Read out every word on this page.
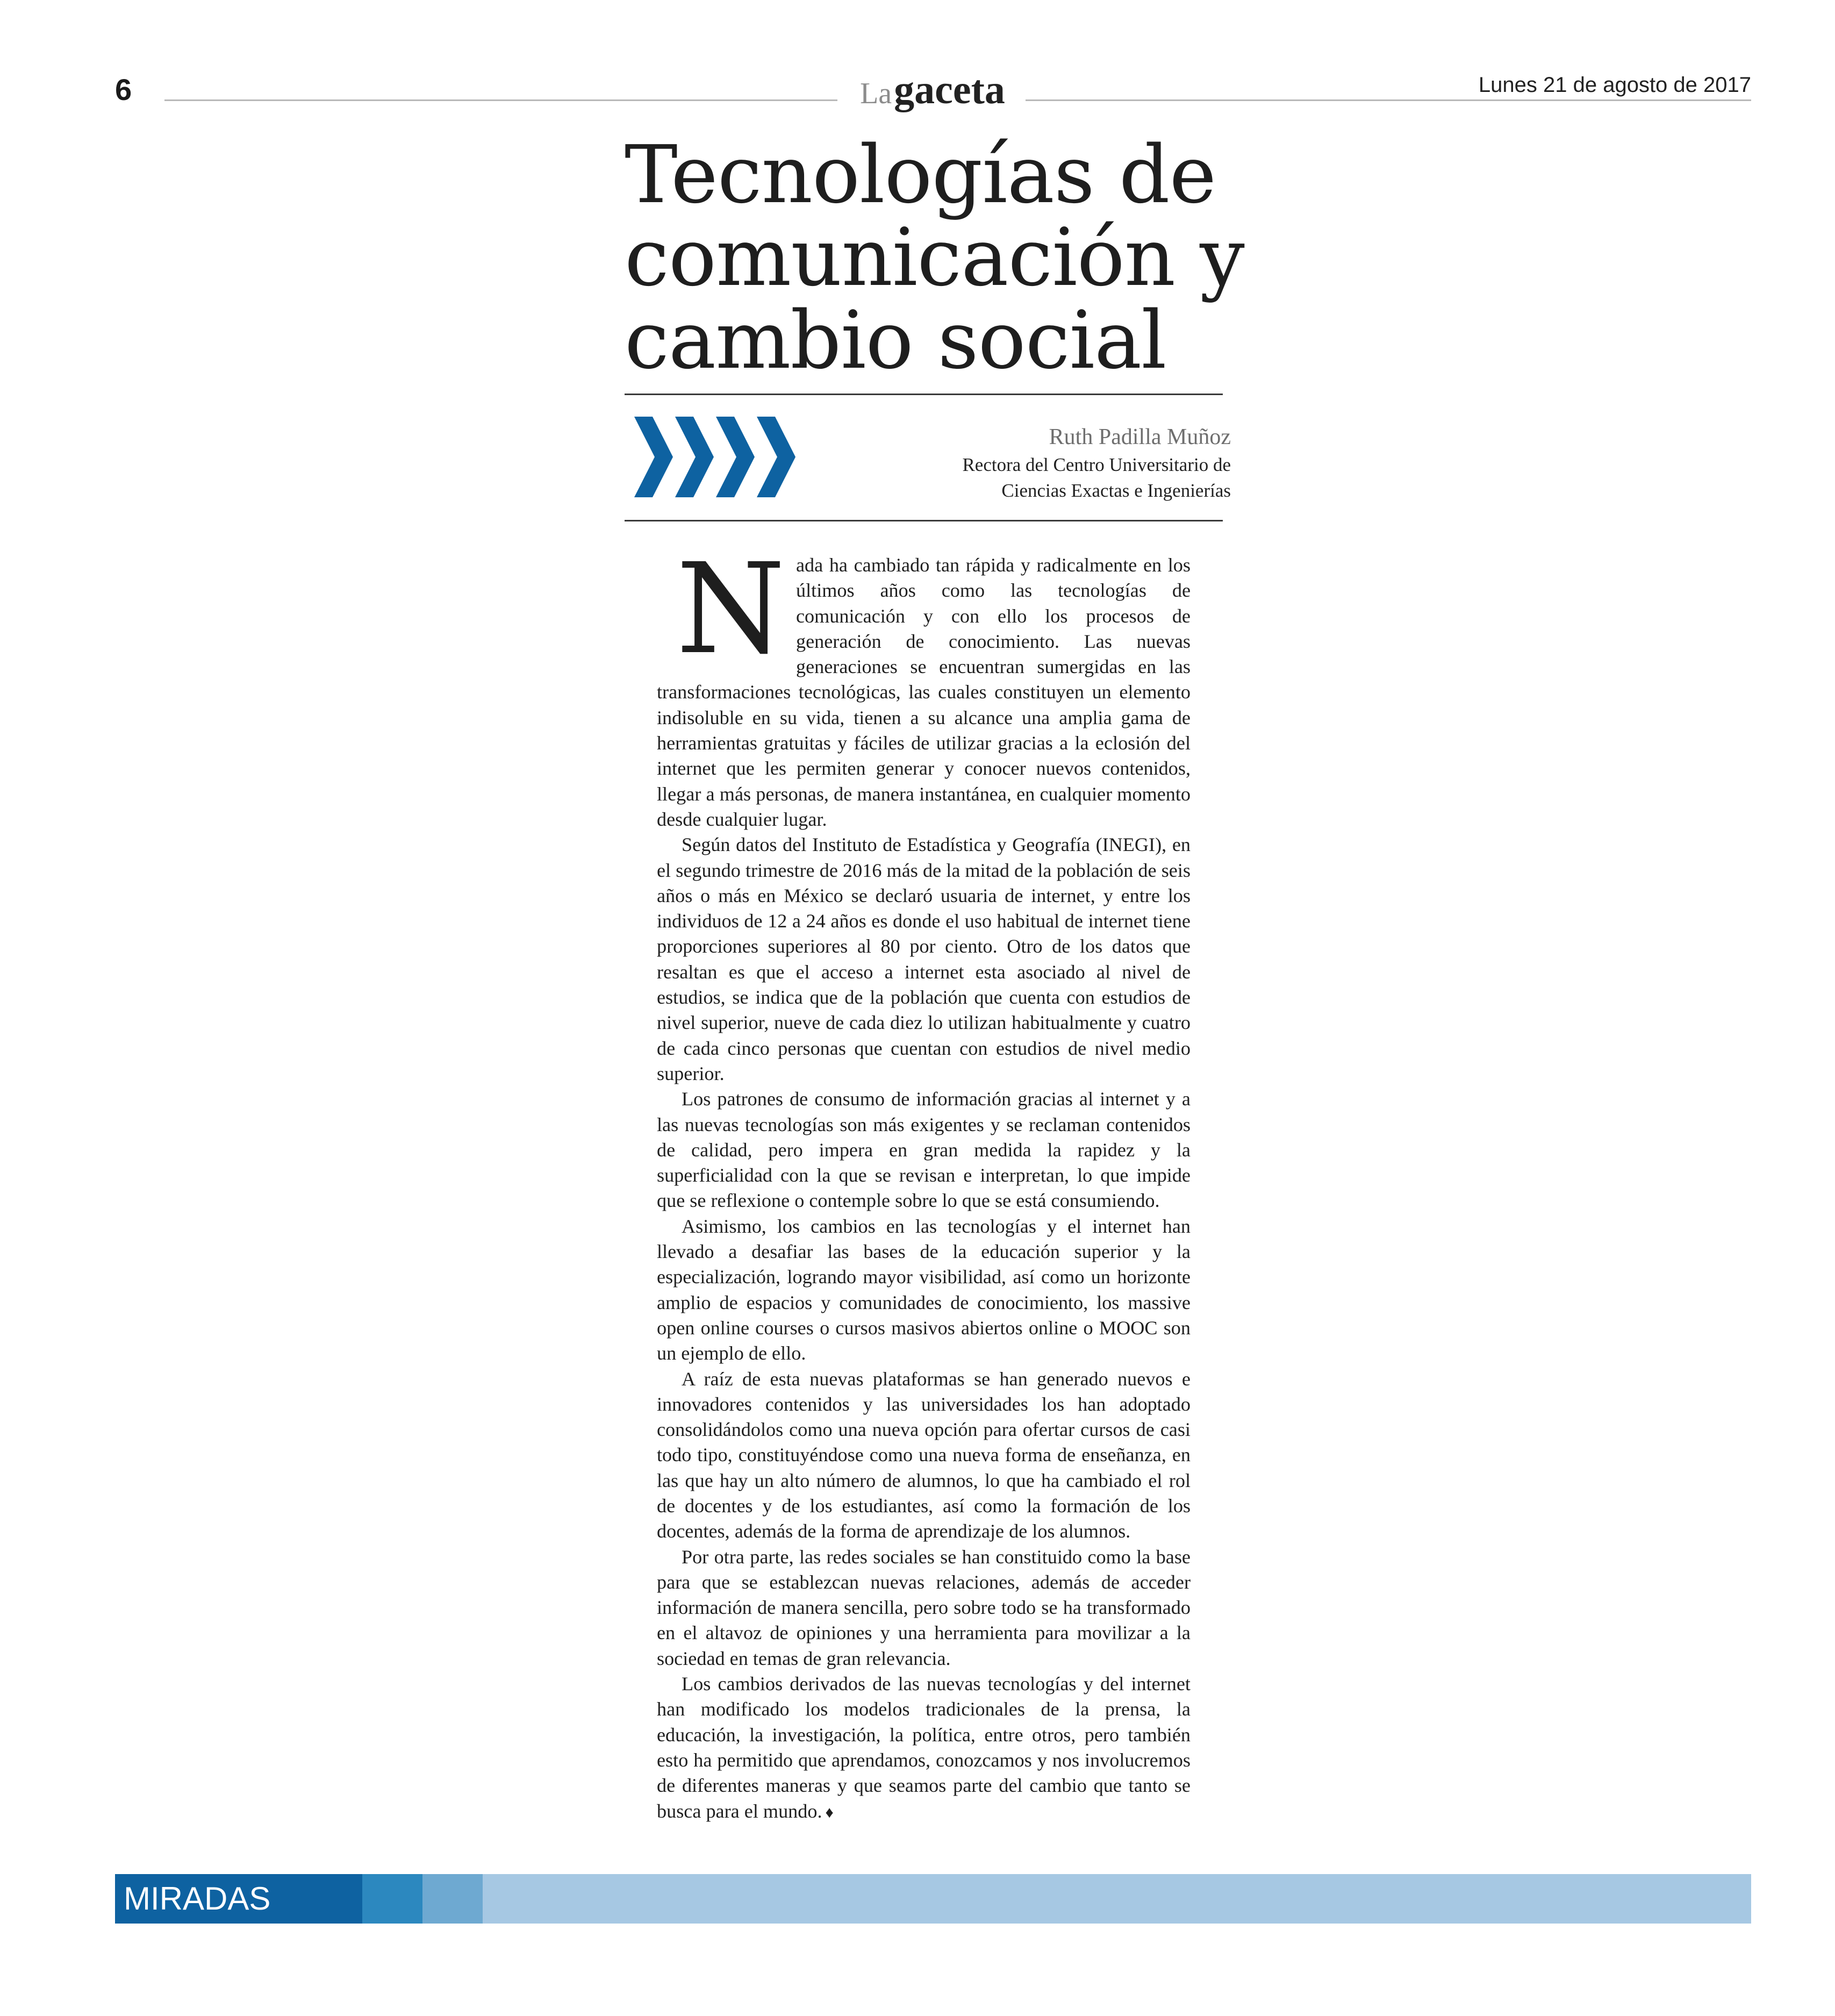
6	La gaceta	Lunes 21 de agosto de 2017
Tecnologías de
comunicación y
cambio social
Ruth Padilla Muñoz
Rectora del Centro Universitario de
Ciencias Exactas e Ingenierías

Nada ha cambiado tan rápida y radicalmente en los últimos años como las tecnologías de comunicación y con ello los procesos de generación de conocimiento. Las nuevas generaciones se encuentran sumergidas en las transformaciones tecnológicas, las cuales constituyen un elemento indisoluble en su vida, tienen a su alcance una amplia gama de herramientas gratuitas y fáciles de utilizar gracias a la eclosión del internet que les permiten generar y conocer nuevos contenidos, llegar a más personas, de manera instantánea, en cualquier momento desde cualquier lugar.

Según datos del Instituto de Estadística y Geografía (INEGI), en el segundo trimestre de 2016 más de la mitad de la población de seis años o más en México se declaró usuaria de internet, y entre los individuos de 12 a 24 años es donde el uso habitual de internet tiene proporciones superiores al 80 por ciento. Otro de los datos que resaltan es que el acceso a internet esta asociado al nivel de estudios, se indica que de la población que cuenta con estudios de nivel superior, nueve de cada diez lo utilizan habitualmente y cuatro de cada cinco personas que cuentan con estudios de nivel medio superior.

Los patrones de consumo de información gracias al internet y a las nuevas tecnologías son más exigentes y se reclaman contenidos de calidad, pero impera en gran medida la rapidez y la superficialidad con la que se revisan e interpretan, lo que impide que se reflexione o contemple sobre lo que se está consumiendo.

Asimismo, los cambios en las tecnologías y el internet han llevado a desafiar las bases de la educación superior y la especialización, logrando mayor visibilidad, así como un horizonte amplio de espacios y comunidades de conocimiento, los massive open online courses o cursos masivos abiertos online o MOOC son un ejemplo de ello.

A raíz de esta nuevas plataformas se han generado nuevos e innovadores contenidos y las universidades los han adoptado consolidándolos como una nueva opción para ofertar cursos de casi todo tipo, constituyéndose como una nueva forma de enseñanza, en las que hay un alto número de alumnos, lo que ha cambiado el rol de docentes y de los estudiantes, así como la formación de los docentes, además de la forma de aprendizaje de los alumnos.

Por otra parte, las redes sociales se han constituido como la base para que se establezcan nuevas relaciones, además de acceder información de manera sencilla, pero sobre todo se ha transformado en el altavoz de opiniones y una herramienta para movilizar a la sociedad en temas de gran relevancia.

Los cambios derivados de las nuevas tecnologías y del internet han modificado los modelos tradicionales de la prensa, la educación, la investigación, la política, entre otros, pero también esto ha permitido que aprendamos, conozcamos y nos involucremos de diferentes maneras y que seamos parte del cambio que tanto se busca para el mundo. ♦

MIRADAS
